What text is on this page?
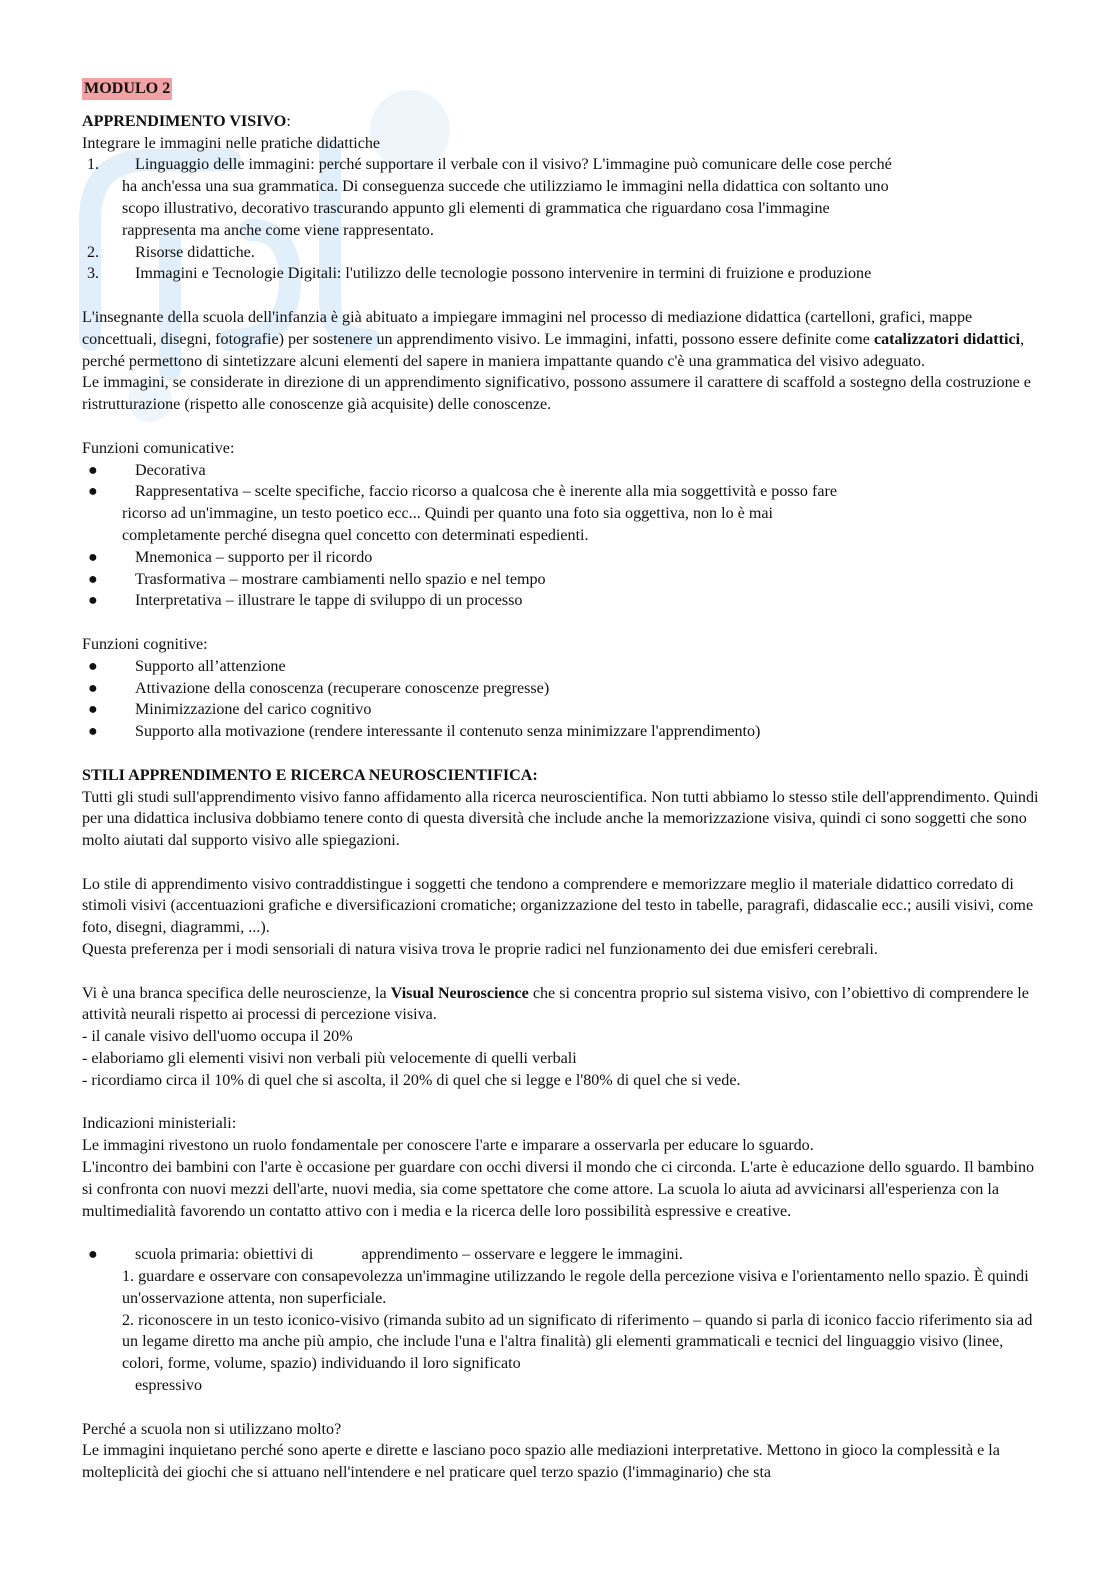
MODULO 2
APPRENDIMENTO VISIVO:
Integrare le immagini nelle pratiche didattiche
1. Linguaggio delle immagini: perché supportare il verbale con il visivo? L'immagine può comunicare delle cose perché
ha anch'essa una sua grammatica. Di conseguenza succede che utilizziamo le immagini nella didattica con soltanto uno
scopo illustrativo, decorativo trascurando appunto gli elementi di grammatica che riguardano cosa l'immagine
rappresenta ma anche come viene rappresentato.
2. Risorse didattiche.
3. Immagini e Tecnologie Digitali: l'utilizzo delle tecnologie possono intervenire in termini di fruizione e produzione
L'insegnante della scuola dell'infanzia è già abituato a impiegare immagini nel processo di mediazione didattica (cartelloni, grafici, mappe concettuali, disegni, fotografie) per sostenere un apprendimento visivo. Le immagini, infatti, possono essere definite come catalizzatori didattici, perché permettono di sintetizzare alcuni elementi del sapere in maniera impattante quando c'è una grammatica del visivo adeguato.
Le immagini, se considerate in direzione di un apprendimento significativo, possono assumere il carattere di scaffold a sostegno della costruzione e ristrutturazione (rispetto alle conoscenze già acquisite) delle conoscenze.
Funzioni comunicative:
● Decorativa
● Rappresentativa – scelte specifiche, faccio ricorso a qualcosa che è inerente alla mia soggettività e posso fare
ricorso ad un'immagine, un testo poetico ecc... Quindi per quanto una foto sia oggettiva, non lo è mai
completamente perché disegna quel concetto con determinati espedienti.
● Mnemonica – supporto per il ricordo
● Trasformativa – mostrare cambiamenti nello spazio e nel tempo
● Interpretativa – illustrare le tappe di sviluppo di un processo
Funzioni cognitive:
● Supporto all’attenzione
● Attivazione della conoscenza (recuperare conoscenze pregresse)
● Minimizzazione del carico cognitivo
● Supporto alla motivazione (rendere interessante il contenuto senza minimizzare l'apprendimento)
STILI APPRENDIMENTO E RICERCA NEUROSCIENTIFICA:
Tutti gli studi sull'apprendimento visivo fanno affidamento alla ricerca neuroscientifica. Non tutti abbiamo lo stesso stile dell'apprendimento. Quindi per una didattica inclusiva dobbiamo tenere conto di questa diversità che include anche la memorizzazione visiva, quindi ci sono soggetti che sono molto aiutati dal supporto visivo alle spiegazioni.
Lo stile di apprendimento visivo contraddistingue i soggetti che tendono a comprendere e memorizzare meglio il materiale didattico corredato di stimoli visivi (accentuazioni grafiche e diversificazioni cromatiche; organizzazione del testo in tabelle, paragrafi, didascalie ecc.; ausili visivi, come foto, disegni, diagrammi, ...).
Questa preferenza per i modi sensoriali di natura visiva trova le proprie radici nel funzionamento dei due emisferi cerebrali.
Vi è una branca specifica delle neuroscienze, la Visual Neuroscience che si concentra proprio sul sistema visivo, con l’obiettivo di comprendere le attività neurali rispetto ai processi di percezione visiva.
- il canale visivo dell'uomo occupa il 20%
- elaboriamo gli elementi visivi non verbali più velocemente di quelli verbali
- ricordiamo circa il 10% di quel che si ascolta, il 20% di quel che si legge e l'80% di quel che si vede.
Indicazioni ministeriali:
Le immagini rivestono un ruolo fondamentale per conoscere l'arte e imparare a osservarla per educare lo sguardo.
L'incontro dei bambini con l'arte è occasione per guardare con occhi diversi il mondo che ci circonda. L'arte è educazione dello sguardo. Il bambino si confronta con nuovi mezzi dell'arte, nuovi media, sia come spettatore che come attore. La scuola lo aiuta ad avvicinarsi all'esperienza con la multimedialità favorendo un contatto attivo con i media e la ricerca delle loro possibilità espressive e creative.
● scuola primaria: obiettivi di            apprendimento – osservare e leggere le immagini.
1. guardare e osservare con consapevolezza un'immagine utilizzando le regole della percezione visiva e l'orientamento nello spazio. È quindi un'osservazione attenta, non superficiale.
2. riconoscere in un testo iconico-visivo (rimanda subito ad un significato di riferimento – quando si parla di iconico faccio riferimento sia ad un legame diretto ma anche più ampio, che include l'una e l'altra finalità) gli elementi grammaticali e tecnici del linguaggio visivo (linee, colori, forme, volume, spazio) individuando il loro significato
espressivo
Perché a scuola non si utilizzano molto?
Le immagini inquietano perché sono aperte e dirette e lasciano poco spazio alle mediazioni interpretative. Mettono in gioco la complessità e la molteplicità dei giochi che si attuano nell'intendere e nel praticare quel terzo spazio (l'immaginario) che sta
